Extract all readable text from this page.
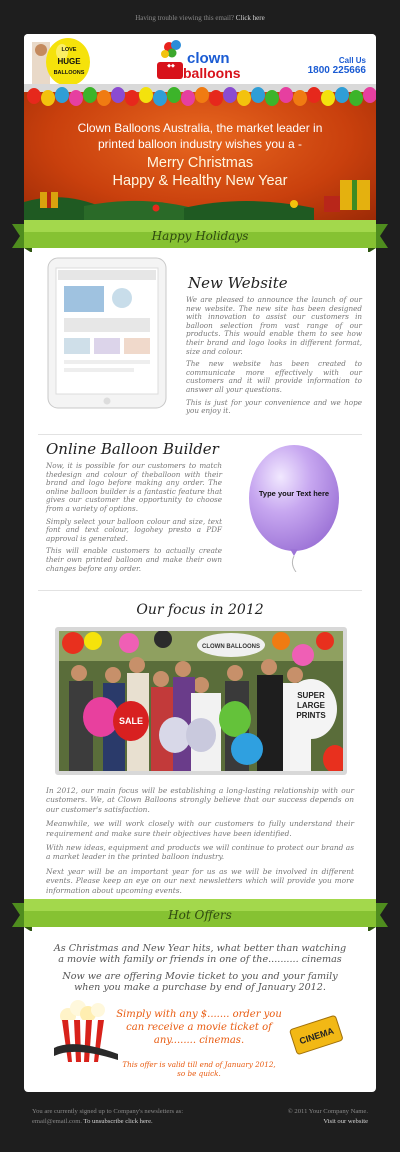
Having trouble viewing this email? Click here
LOVE
HUGE
BALLOONS
◆◆ clown
balloons
Call Us
1800 225666
Clown Balloons Australia, the market leader in
printed balloon industry wishes you a -
Merry Christmas
Happy & Healthy New Year
Happy Holidays
New Website

We are pleased to announce the launch of our new website. The new site has been designed with innovation to assist our customers in balloon selection from vast range of our products. This would enable them to see how their brand and logo looks in different format, size and colour.

The new website has been created to communicate more effectively with our customers and it will provide information to answer all your questions.

This is just for your convenience and we hope you enjoy it.

Online Balloon Builder

Now, it is possible for our customers to match thedesign and colour of theballoon with their brand and logo before making any order. The online balloon builder is a fantastic feature that gives our customer the opportunity to choose from a variety of options.

Simply select your balloon colour and size, text font and text colour, logohey presto a PDF approval is generated.

This will enable customers to actually create their own printed balloon and make their own changes before any order.

Type your Text here
Our focus in 2012
CLOWN BALLOONS
SALE
SUPER LARGE PRINTS

In 2012, our main focus will be establishing a long-lasting relationship with our customers. We, at Clown Balloons strongly believe that our success depends on our customer's satisfaction.

Meanwhile, we will work closely with our customers to fully understand their requirement and make sure their objectives have been identified.

With new ideas, equipment and products we will continue to protect our brand as a market leader in the printed balloon industry.

Next year will be an important year for us as we will be involved in different events. Please keep an eye on our next newsletters which will provide you more information about upcoming events.

Hot Offers
As Christmas and New Year hits, what better than watching
a movie with family or friends in one of the.......... cinemas
Now we are offering Movie ticket to you and your family
when you make a purchase by end of January 2012.
Simply with any $....... order you
can receive a movie ticket of
any........ cinemas.
This offer is valid till end of January 2012,
so be quick.
CINEMA
You are currently signed up to Company's newsletters as:
email@email.com. To unsubscribe click here.
© 2011 Your Company Name.
Visit our website
